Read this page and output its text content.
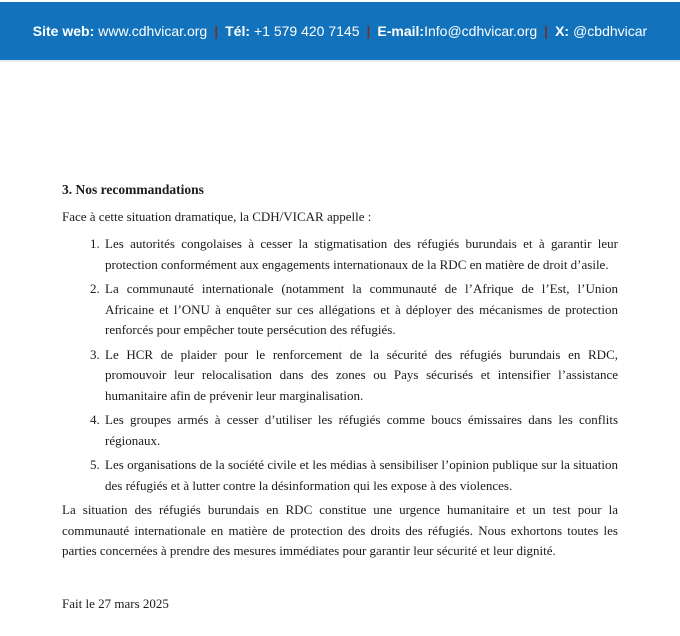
Site web: www.cdhvicar.org | Tél: +1 579 420 7145 | E-mail: Info@cdhvicar.org | X: @cbdhvicar
3. Nos recommandations

Face à cette situation dramatique, la CDH/VICAR appelle :

1. Les autorités congolaises à cesser la stigmatisation des réfugiés burundais et à garantir leur protection conformément aux engagements internationaux de la RDC en matière de droit d’asile.
2. La communauté internationale (notamment la communauté de l’Afrique de l’Est, l’Union Africaine et l’ONU à enquêter sur ces allégations et à déployer des mécanismes de protection renforcés pour empêcher toute persécution des réfugiés.
3. Le HCR de plaider pour le renforcement de la sécurité des réfugiés burundais en RDC, promouvoir leur relocalisation dans des zones ou Pays sécurisés et intensifier l’assistance humanitaire afin de prévenir leur marginalisation.
4. Les groupes armés à cesser d’utiliser les réfugiés comme boucs émissaires dans les conflits régionaux.
5. Les organisations de la société civile et les médias à sensibiliser l’opinion publique sur la situation des réfugiés et à lutter contre la désinformation qui les expose à des violences.

La situation des réfugiés burundais en RDC constitue une urgence humanitaire et un test pour la communauté internationale en matière de protection des droits des réfugiés. Nous exhortons toutes les parties concernées à prendre des mesures immédiates pour garantir leur sécurité et leur dignité.

Fait le 27 mars 2025
